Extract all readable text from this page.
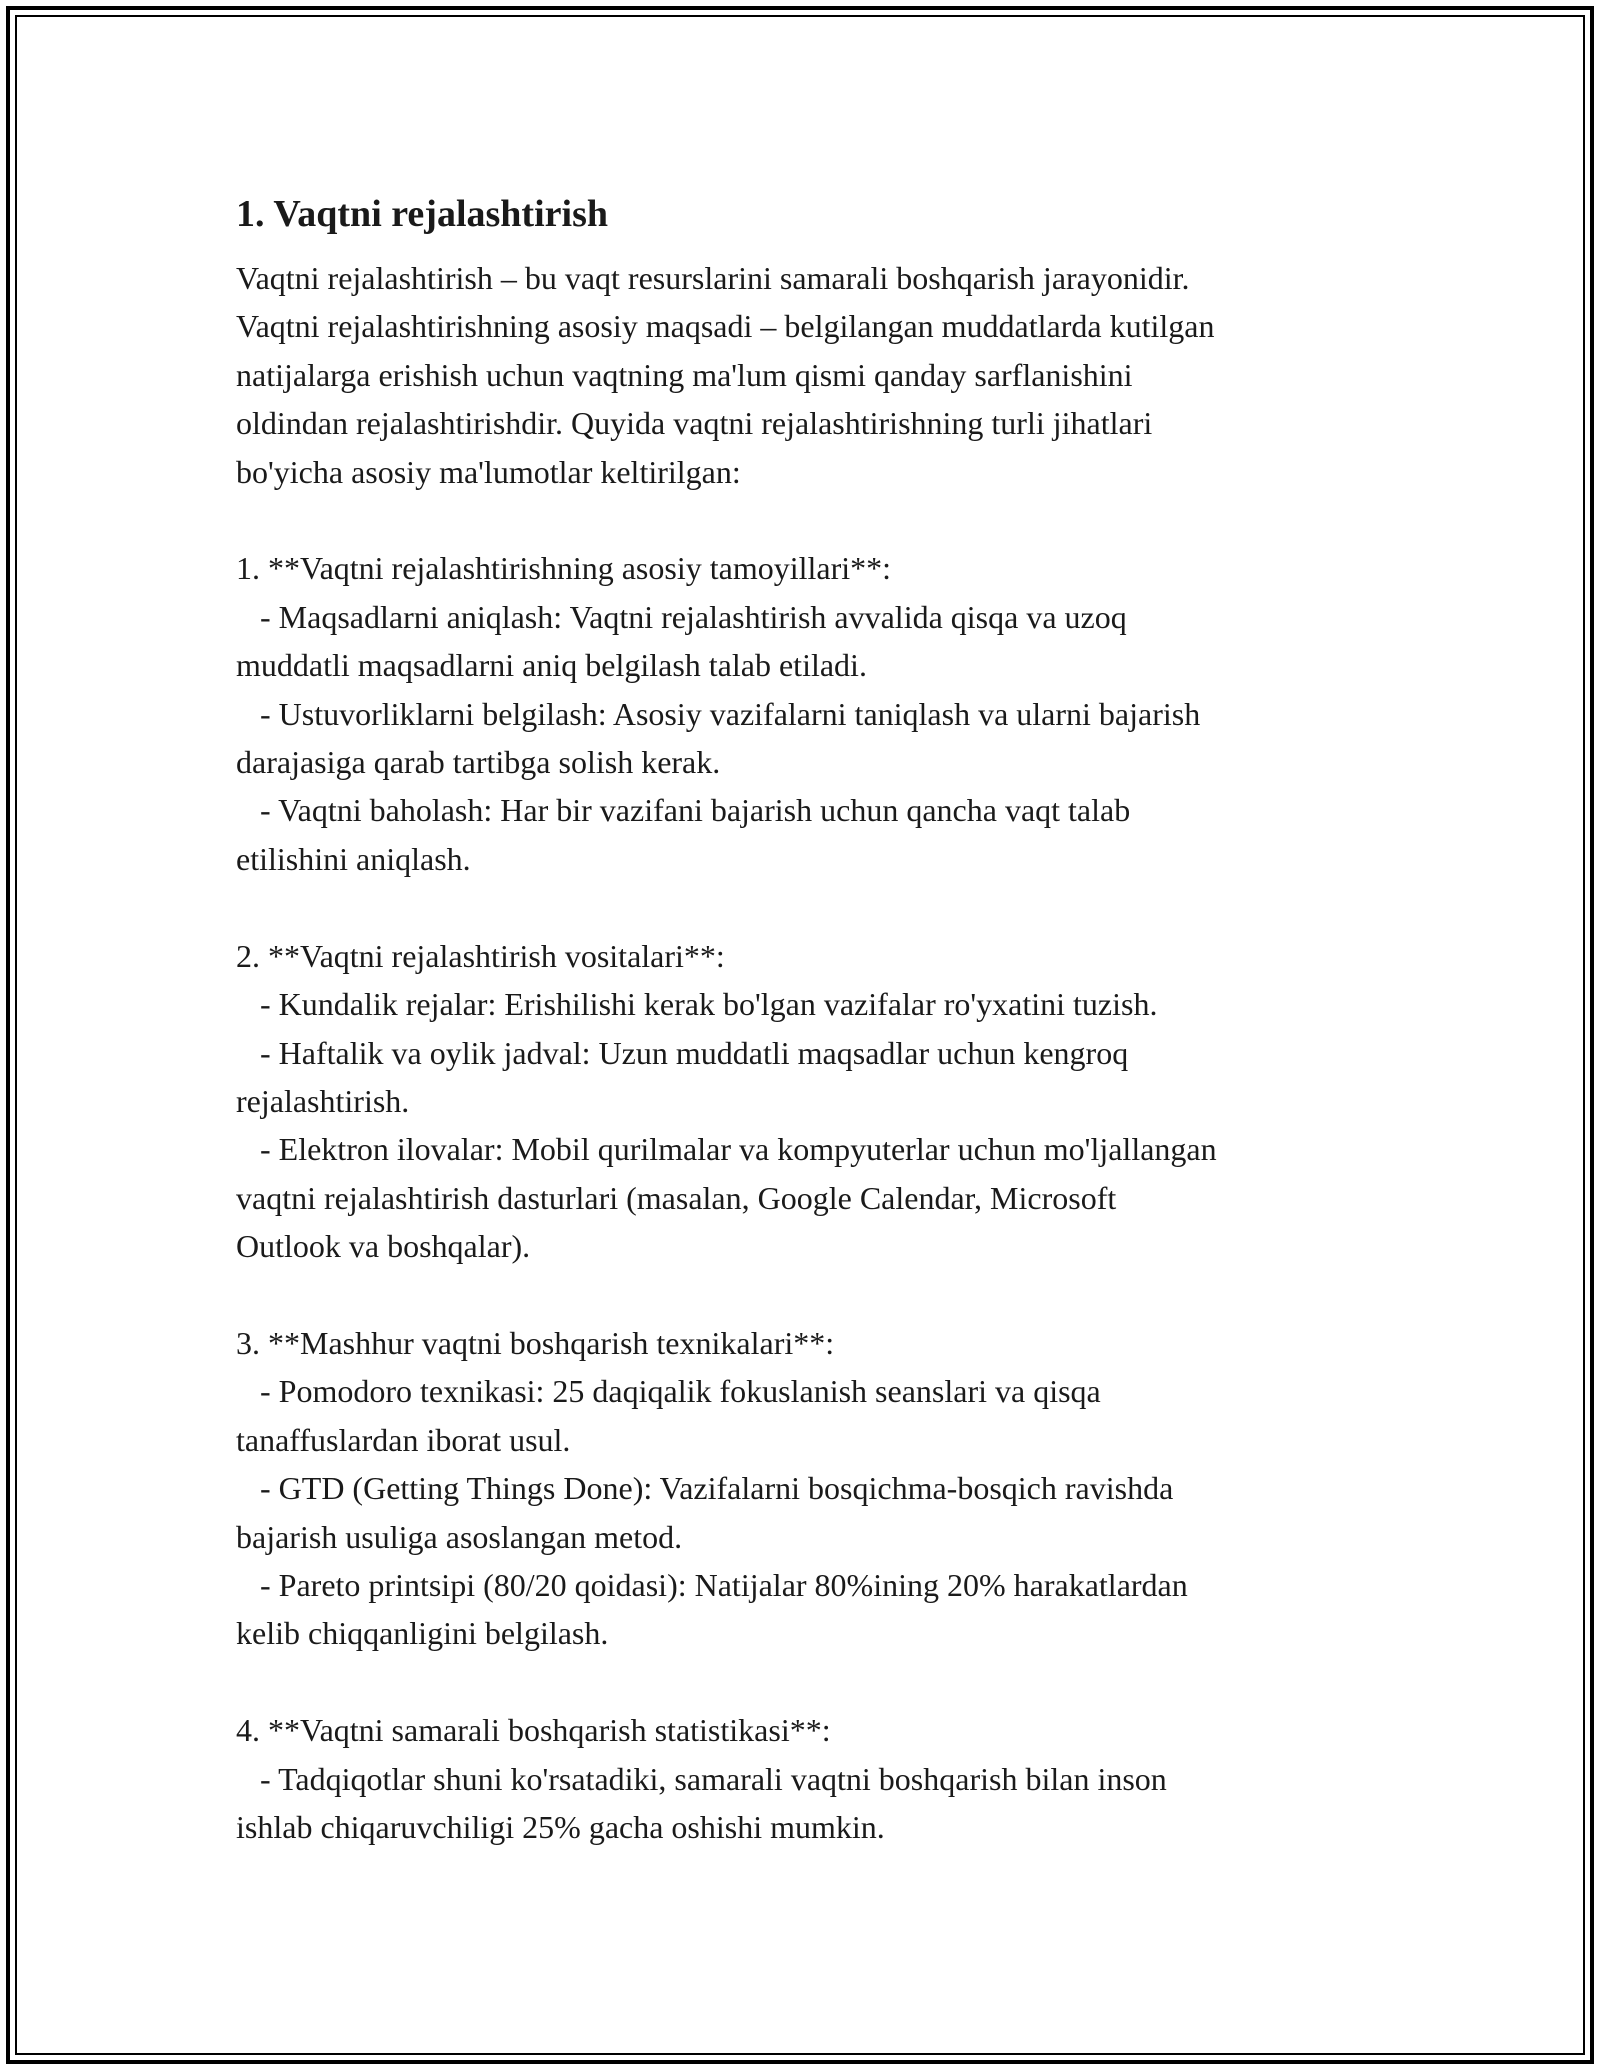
1. Vaqtni rejalashtirish

Vaqtni rejalashtirish – bu vaqt resurslarini samarali boshqarish jarayonidir.
Vaqtni rejalashtirishning asosiy maqsadi – belgilangan muddatlarda kutilgan
natijalarga erishish uchun vaqtning ma'lum qismi qanday sarflanishini
oldindan rejalashtirishdir. Quyida vaqtni rejalashtirishning turli jihatlari
bo'yicha asosiy ma'lumotlar keltirilgan:

1. **Vaqtni rejalashtirishning asosiy tamoyillari**:
- Maqsadlarni aniqlash: Vaqtni rejalashtirish avvalida qisqa va uzoq
muddatli maqsadlarni aniq belgilash talab etiladi.
- Ustuvorliklarni belgilash: Asosiy vazifalarni taniqlash va ularni bajarish
darajasiga qarab tartibga solish kerak.
- Vaqtni baholash: Har bir vazifani bajarish uchun qancha vaqt talab
etilishini aniqlash.

2. **Vaqtni rejalashtirish vositalari**:
- Kundalik rejalar: Erishilishi kerak bo'lgan vazifalar ro'yxatini tuzish.
- Haftalik va oylik jadval: Uzun muddatli maqsadlar uchun kengroq
rejalashtirish.
- Elektron ilovalar: Mobil qurilmalar va kompyuterlar uchun mo'ljallangan
vaqtni rejalashtirish dasturlari (masalan, Google Calendar, Microsoft
Outlook va boshqalar).

3. **Mashhur vaqtni boshqarish texnikalari**:
- Pomodoro texnikasi: 25 daqiqalik fokuslanish seanslari va qisqa
tanaffuslardan iborat usul.
- GTD (Getting Things Done): Vazifalarni bosqichma-bosqich ravishda
bajarish usuliga asoslangan metod.
- Pareto printsipi (80/20 qoidasi): Natijalar 80%ining 20% harakatlardan
kelib chiqqanligini belgilash.

4. **Vaqtni samarali boshqarish statistikasi**:
- Tadqiqotlar shuni ko'rsatadiki, samarali vaqtni boshqarish bilan inson
ishlab chiqaruvchiligi 25% gacha oshishi mumkin.
